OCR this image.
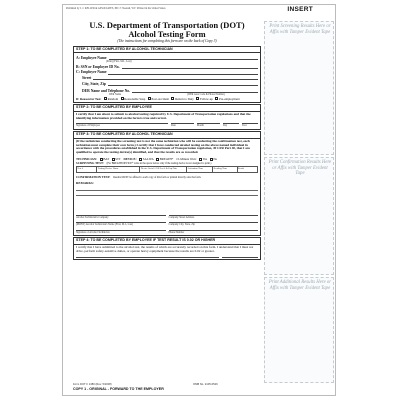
Published by J. J. KELLER & ASSOCIATES, INC.® Neenah, WI • Printed in the United States	INSERT
U.S. Department of Transportation (DOT)
Alcohol Testing Form
(The instructions for completing this form are on the back of Copy 3)
STEP 1: TO BE COMPLETED BY ALCOHOL TECHNICIAN
A: Employee Name
(Print) (First, M.I., Last)
B: SSN or Employee ID No.
C: Employer Name
Street
City, State, Zip
DER Name and Telephone No.
DER Name	(DER Area Code & Phone Number)
D: Reason for Test: Random Reasonable Susp Post-Accident Return to Duty Follow-up Pre-employment
STEP 2: TO BE COMPLETED BY EMPLOYEE
I certify that I am about to submit to alcohol testing required by U.S. Department of Transportation regulations and that the identifying information provided on the form is true and correct.
Signature of Employee	Date	Month	Day	Year
STEP 3: TO BE COMPLETED BY ALCOHOL TECHNICIAN
(If the technician conducting the screening test is not the same technician who will be conducting the confirmation test, each technician must complete their own form.) I certify that I have conducted alcohol testing on the above named individual in accordance with the procedures established in the U.S. Department of Transportation regulation, 49 CFR Part 40, that I am qualified to operate the testing device(s) identified, and that the results are as recorded.
TECHNICIAN: BAT STT DEVICE: SALIVA BREATH* 15-Minute Wait: Yes No
SCREENING TEST: (For BREATH DEVICE* write in the space below only if the testing device is not designed to print.)
Test #	Testing Device Name	Device Serial # OR Lot # & Exp Date	Activation Time	Reading Time	Result
CONFIRMATION TEST: Results MUST be affixed to each copy of this form or printed directly onto the form.
REMARKS:
Alcohol Technician's Company	Company Street Address
(PRINT) Alcohol Technician's Name (First, M.I., Last)	Company City, State, Zip
Signature of Alcohol Technician	Phone Number
STEP 4: TO BE COMPLETED BY EMPLOYEE IF TEST RESULT IS 0.02 OR HIGHER
I certify that I have submitted to the alcohol test, the results of which are accurately recorded on this form. I understand that I must not drive, perform safety-sensitive duties, or operate heavy equipment because the results are 0.02 or greater.
Print Screening Results Here or Affix with Tamper Evident Tape
Print Confirmation Results Here or Affix with Tamper Evident Tape
Print Additional Results Here or Affix with Tamper Evident Tape
Form DOT F 1380 (Rev. 5/2008)	OMB No. 2105-0529
COPY 1 - ORIGINAL - FORWARD TO THE EMPLOYER
